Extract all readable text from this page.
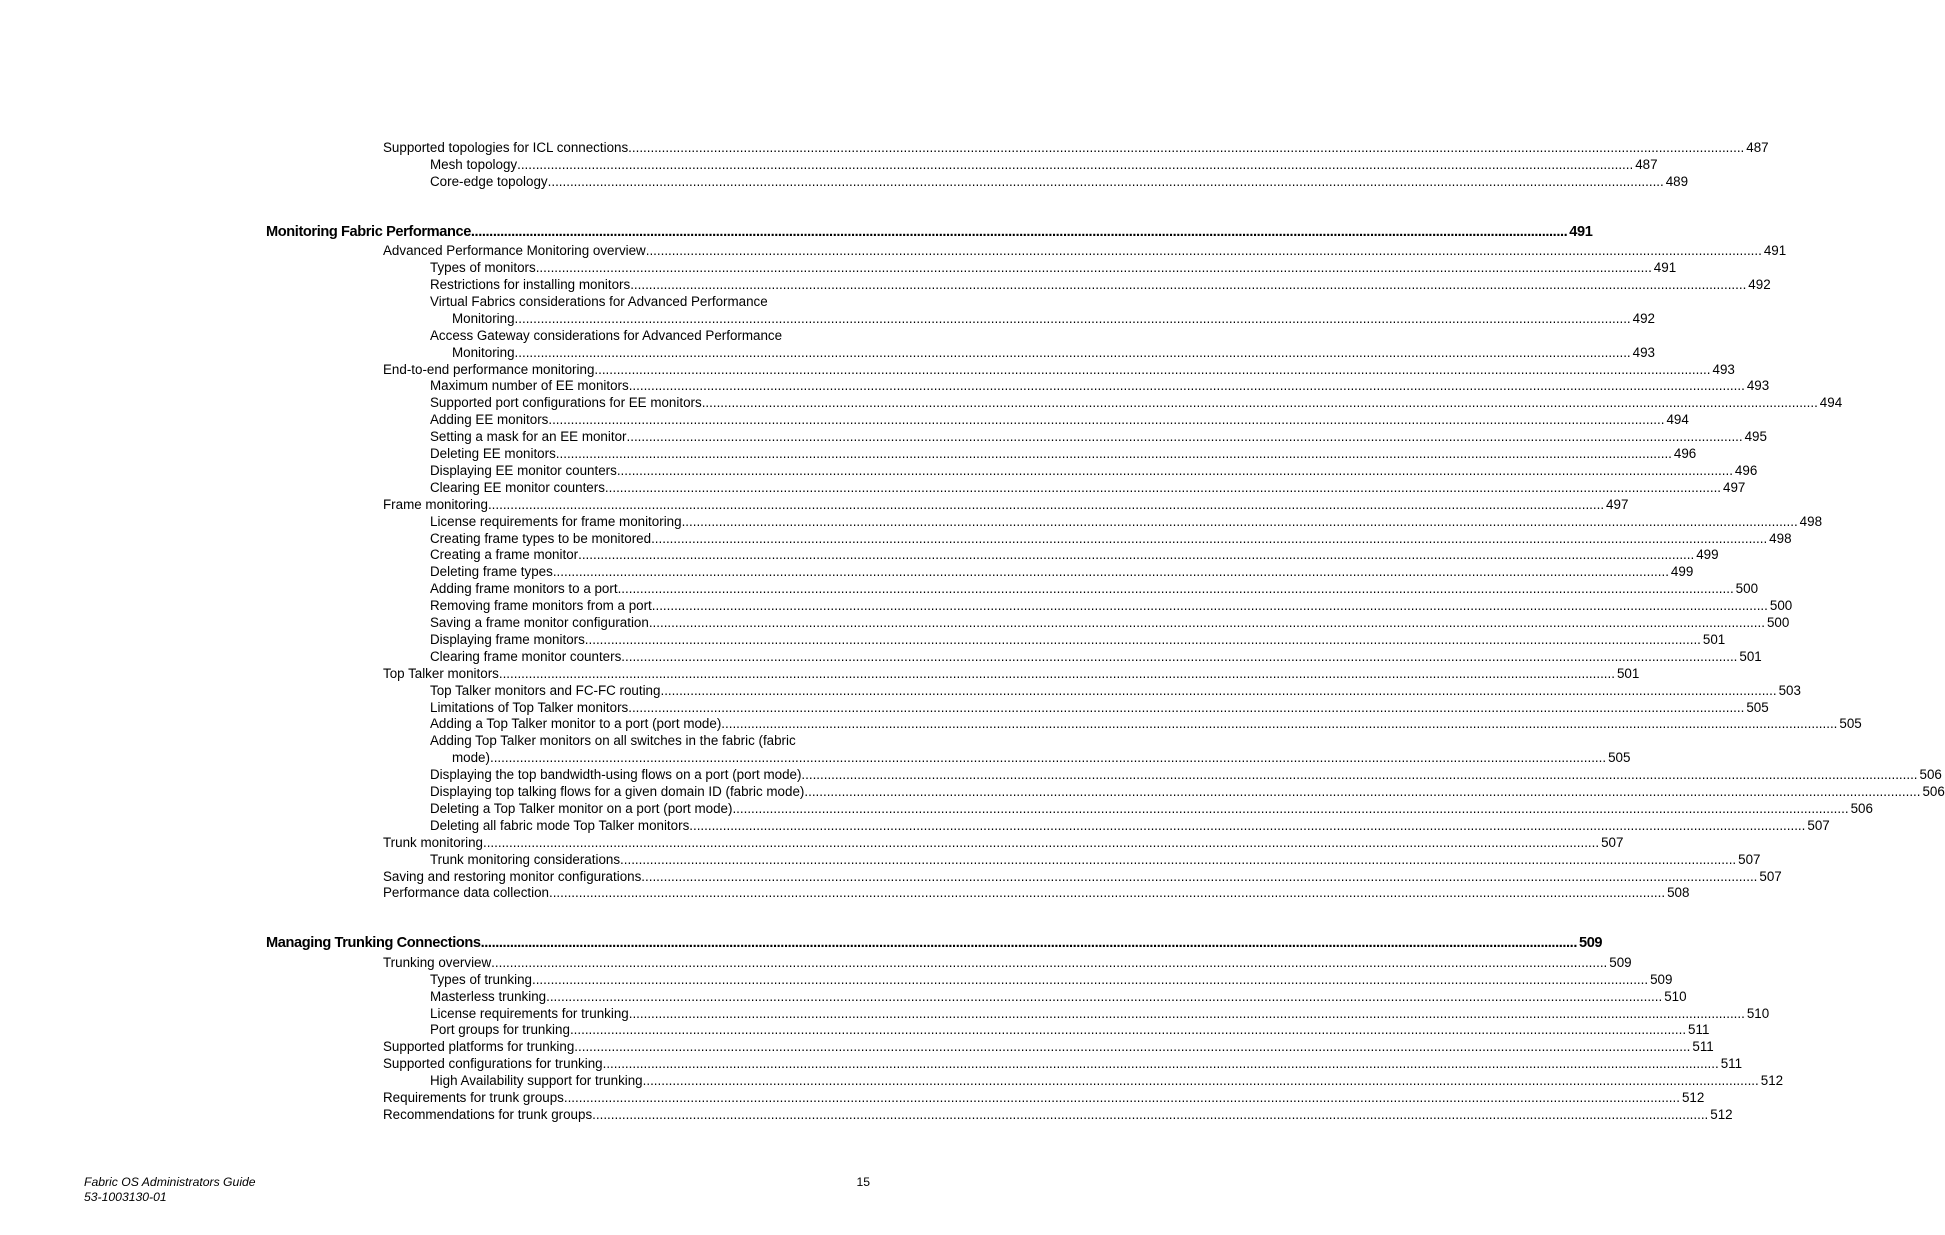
Supported topologies for ICL connections ............................................................................................................................................................................................................................................................................................................ 487
Mesh topology ............................................................................................................................................................................................................................................................................................................ 487
Core-edge topology ............................................................................................................................................................................................................................................................................................................ 489
Monitoring Fabric Performance ............................................................................................................................................................................................................................................................................................................ 491
Advanced Performance Monitoring overview ............................................................................................................................................................................................................................................................................................................ 491
Types of monitors ............................................................................................................................................................................................................................................................................................................ 491
Restrictions for installing monitors ............................................................................................................................................................................................................................................................................................................ 492
Virtual Fabrics considerations for Advanced Performance
Monitoring ............................................................................................................................................................................................................................................................................................................ 492
Access Gateway considerations for Advanced Performance
Monitoring ............................................................................................................................................................................................................................................................................................................ 493
End-to-end performance monitoring ............................................................................................................................................................................................................................................................................................................ 493
Maximum number of EE monitors ............................................................................................................................................................................................................................................................................................................ 493
Supported port configurations for EE monitors ............................................................................................................................................................................................................................................................................................................ 494
Adding EE monitors ............................................................................................................................................................................................................................................................................................................ 494
Setting a mask for an EE monitor ............................................................................................................................................................................................................................................................................................................ 495
Deleting EE monitors ............................................................................................................................................................................................................................................................................................................ 496
Displaying EE monitor counters ............................................................................................................................................................................................................................................................................................................ 496
Clearing EE monitor counters ............................................................................................................................................................................................................................................................................................................ 497
Frame monitoring ............................................................................................................................................................................................................................................................................................................ 497
License requirements for frame monitoring ............................................................................................................................................................................................................................................................................................................ 498
Creating frame types to be monitored ............................................................................................................................................................................................................................................................................................................ 498
Creating a frame monitor ............................................................................................................................................................................................................................................................................................................ 499
Deleting frame types ............................................................................................................................................................................................................................................................................................................ 499
Adding frame monitors to a port ............................................................................................................................................................................................................................................................................................................ 500
Removing frame monitors from a port ............................................................................................................................................................................................................................................................................................................ 500
Saving a frame monitor configuration ............................................................................................................................................................................................................................................................................................................ 500
Displaying frame monitors ............................................................................................................................................................................................................................................................................................................ 501
Clearing frame monitor counters ............................................................................................................................................................................................................................................................................................................ 501
Top Talker monitors ............................................................................................................................................................................................................................................................................................................ 501
Top Talker monitors and FC-FC routing ............................................................................................................................................................................................................................................................................................................ 503
Limitations of Top Talker monitors ............................................................................................................................................................................................................................................................................................................ 505
Adding a Top Talker monitor to a port (port mode) ............................................................................................................................................................................................................................................................................................................ 505
Adding Top Talker monitors on all switches in the fabric (fabric
mode) ............................................................................................................................................................................................................................................................................................................ 505
Displaying the top bandwidth-using flows on a port (port mode) ............................................................................................................................................................................................................................................................................................................ 506
Displaying top talking flows for a given domain ID (fabric mode) ............................................................................................................................................................................................................................................................................................................ 506
Deleting a Top Talker monitor on a port (port mode) ............................................................................................................................................................................................................................................................................................................ 506
Deleting all fabric mode Top Talker monitors ............................................................................................................................................................................................................................................................................................................ 507
Trunk monitoring ............................................................................................................................................................................................................................................................................................................ 507
Trunk monitoring considerations ............................................................................................................................................................................................................................................................................................................ 507
Saving and restoring monitor configurations ............................................................................................................................................................................................................................................................................................................ 507
Performance data collection ............................................................................................................................................................................................................................................................................................................ 508
Managing Trunking Connections ............................................................................................................................................................................................................................................................................................................ 509
Trunking overview ............................................................................................................................................................................................................................................................................................................ 509
Types of trunking ............................................................................................................................................................................................................................................................................................................ 509
Masterless trunking ............................................................................................................................................................................................................................................................................................................ 510
License requirements for trunking ............................................................................................................................................................................................................................................................................................................ 510
Port groups for trunking ............................................................................................................................................................................................................................................................................................................ 511
Supported platforms for trunking ............................................................................................................................................................................................................................................................................................................ 511
Supported configurations for trunking ............................................................................................................................................................................................................................................................................................................ 511
High Availability support for trunking ............................................................................................................................................................................................................................................................................................................ 512
Requirements for trunk groups ............................................................................................................................................................................................................................................................................................................ 512
Recommendations for trunk groups ............................................................................................................................................................................................................................................................................................................ 512
Fabric OS Administrators Guide
53-1003130-01
15
